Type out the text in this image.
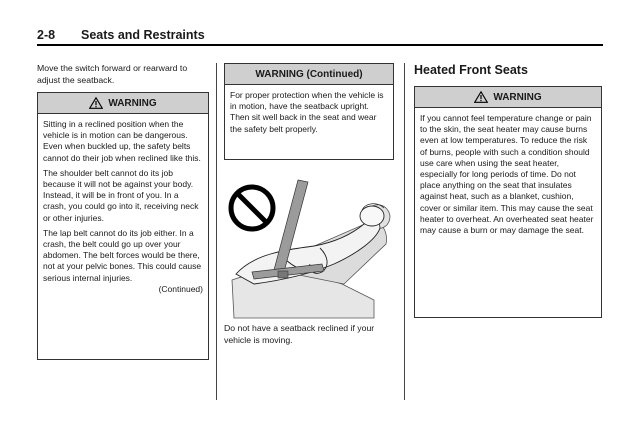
2-8 Seats and Restraints
Move the switch forward or rearward to adjust the seatback.
WARNING

Sitting in a reclined position when the vehicle is in motion can be dangerous. Even when buckled up, the safety belts cannot do their job when reclined like this.

The shoulder belt cannot do its job because it will not be against your body. Instead, it will be in front of you. In a crash, you could go into it, receiving neck or other injuries.

The lap belt cannot do its job either. In a crash, the belt could go up over your abdomen. The belt forces would be there, not at your pelvic bones. This could cause serious internal injuries.

(Continued)
WARNING (Continued)

For proper protection when the vehicle is in motion, have the seatback upright. Then sit well back in the seat and wear the safety belt properly.

Do not have a seatback reclined if your vehicle is moving.
Heated Front Seats
WARNING

If you cannot feel temperature change or pain to the skin, the seat heater may cause burns even at low temperatures. To reduce the risk of burns, people with such a condition should use care when using the seat heater, especially for long periods of time. Do not place anything on the seat that insulates against heat, such as a blanket, cushion, cover or similar item. This may cause the seat heater to overheat. An overheated seat heater may cause a burn or may damage the seat.
